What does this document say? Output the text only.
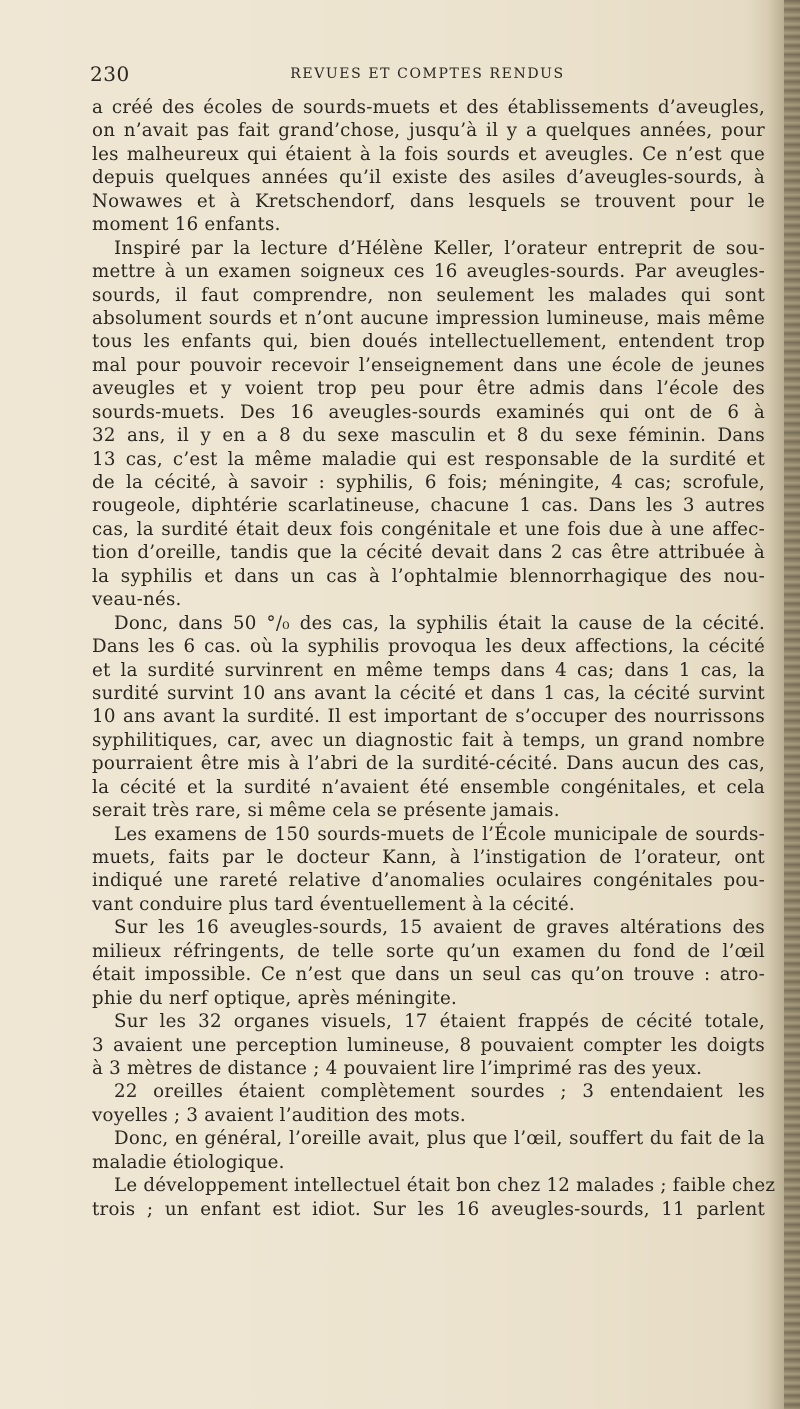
230	REVUES ET COMPTES RENDUS
a créé des écoles de sourds-muets et des établissements d’aveugles,
on n’avait pas fait grand’chose, jusqu’à il y a quelques années, pour
les malheureux qui étaient à la fois sourds et aveugles. Ce n’est que
depuis quelques années qu’il existe des asiles d’aveugles-sourds, à
Nowawes et à Kretschendorf, dans lesquels se trouvent pour le
moment 16 enfants.
Inspiré par la lecture d’Hélène Keller, l’orateur entreprit de sou-
mettre à un examen soigneux ces 16 aveugles-sourds. Par aveugles-
sourds, il faut comprendre, non seulement les malades qui sont
absolument sourds et n’ont aucune impression lumineuse, mais même
tous les enfants qui, bien doués intellectuellement, entendent trop
mal pour pouvoir recevoir l’enseignement dans une école de jeunes
aveugles et y voient trop peu pour être admis dans l’école des
sourds-muets. Des 16 aveugles-sourds examinés qui ont de 6 à
32 ans, il y en a 8 du sexe masculin et 8 du sexe féminin. Dans
13 cas, c’est la même maladie qui est responsable de la surdité et
de la cécité, à savoir : syphilis, 6 fois; méningite, 4 cas; scrofule,
rougeole, diphtérie scarlatineuse, chacune 1 cas. Dans les 3 autres
cas, la surdité était deux fois congénitale et une fois due à une affec-
tion d’oreille, tandis que la cécité devait dans 2 cas être attribuée à
la syphilis et dans un cas à l’ophtalmie blennorrhagique des nou-
veau-nés.
Donc, dans 50 °/₀ des cas, la syphilis était la cause de la cécité.
Dans les 6 cas. où la syphilis provoqua les deux affections, la cécité
et la surdité survinrent en même temps dans 4 cas; dans 1 cas, la
surdité survint 10 ans avant la cécité et dans 1 cas, la cécité survint
10 ans avant la surdité. Il est important de s’occuper des nourrissons
syphilitiques, car, avec un diagnostic fait à temps, un grand nombre
pourraient être mis à l’abri de la surdité-cécité. Dans aucun des cas,
la cécité et la surdité n’avaient été ensemble congénitales, et cela
serait très rare, si même cela se présente jamais.
Les examens de 150 sourds-muets de l’École municipale de sourds-
muets, faits par le docteur Kann, à l’instigation de l’orateur, ont
indiqué une rareté relative d’anomalies oculaires congénitales pou-
vant conduire plus tard éventuellement à la cécité.
Sur les 16 aveugles-sourds, 15 avaient de graves altérations des
milieux réfringents, de telle sorte qu’un examen du fond de l’œil
était impossible. Ce n’est que dans un seul cas qu’on trouve : atro-
phie du nerf optique, après méningite.
Sur les 32 organes visuels, 17 étaient frappés de cécité totale,
3 avaient une perception lumineuse, 8 pouvaient compter les doigts
à 3 mètres de distance ; 4 pouvaient lire l’imprimé ras des yeux.
22 oreilles étaient complètement sourdes ; 3 entendaient les
voyelles ; 3 avaient l’audition des mots.
Donc, en général, l’oreille avait, plus que l’œil, souffert du fait de la
maladie étiologique.
Le développement intellectuel était bon chez 12 malades ; faible chez
trois ; un enfant est idiot. Sur les 16 aveugles-sourds, 11 parlent
